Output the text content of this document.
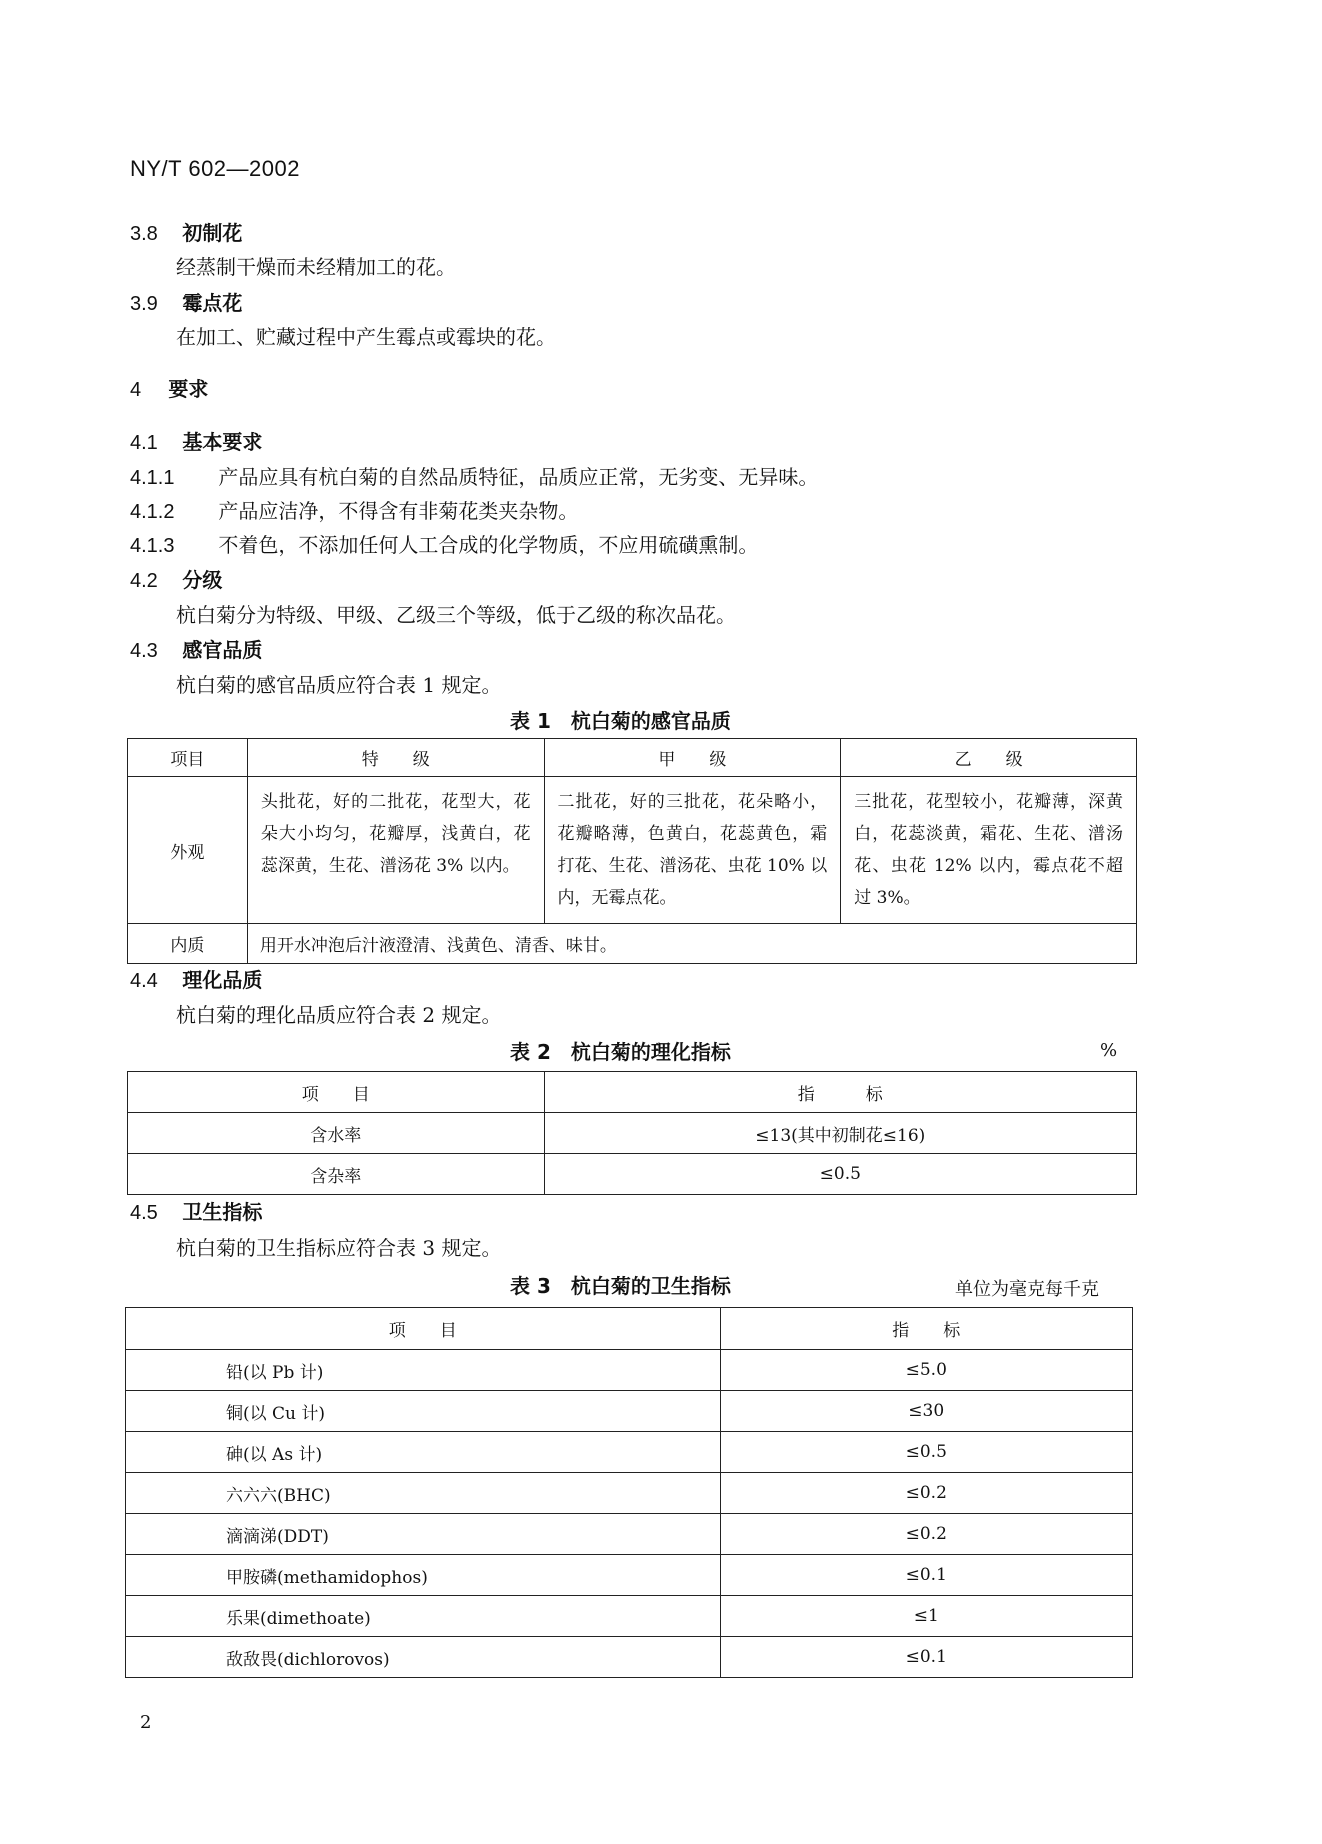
NY/T 602—2002
3.8 初制花
经蒸制干燥而未经精加工的花。
3.9 霉点花
在加工、贮藏过程中产生霉点或霉块的花。
4 要求
4.1 基本要求
4.1.1 产品应具有杭白菊的自然品质特征，品质应正常，无劣变、无异味。
4.1.2 产品应洁净，不得含有非菊花类夹杂物。
4.1.3 不着色，不添加任何人工合成的化学物质，不应用硫磺熏制。
4.2 分级
杭白菊分为特级、甲级、乙级三个等级，低于乙级的称次品花。
4.3 感官品质
杭白菊的感官品质应符合表 1 规定。
表 1　杭白菊的感官品质
项目	特　　级	甲　　级	乙　　级
外观	头批花，好的二批花，花型大，花朵大小均匀，花瓣厚，浅黄白，花蕊深黄，生花、潽汤花 3% 以内。	二批花，好的三批花，花朵略小，花瓣略薄，色黄白，花蕊黄色，霜打花、生花、潽汤花、虫花 10% 以内，无霉点花。	三批花，花型较小，花瓣薄，深黄白，花蕊淡黄，霜花、生花、潽汤花、虫花 12% 以内，霉点花不超过 3%。

内质	用开水冲泡后汁液澄清、浅黄色、清香、味甘。		
4.4 理化品质
杭白菊的理化品质应符合表 2 规定。
表 2　杭白菊的理化指标	%
项　　目	指　　　标
含水率	≤13(其中初制花≤16)
含杂率	≤0.5
4.5 卫生指标
杭白菊的卫生指标应符合表 3 规定。
表 3　杭白菊的卫生指标	单位为毫克每千克
项　　目	指　　标
铅(以 Pb 计)	≤5.0
铜(以 Cu 计)	≤30
砷(以 As 计)	≤0.5
六六六(BHC)	≤0.2
滴滴涕(DDT)	≤0.2
甲胺磷(methamidophos)	≤0.1
乐果(dimethoate)	≤1
敌敌畏(dichlorovos)	≤0.1
2
